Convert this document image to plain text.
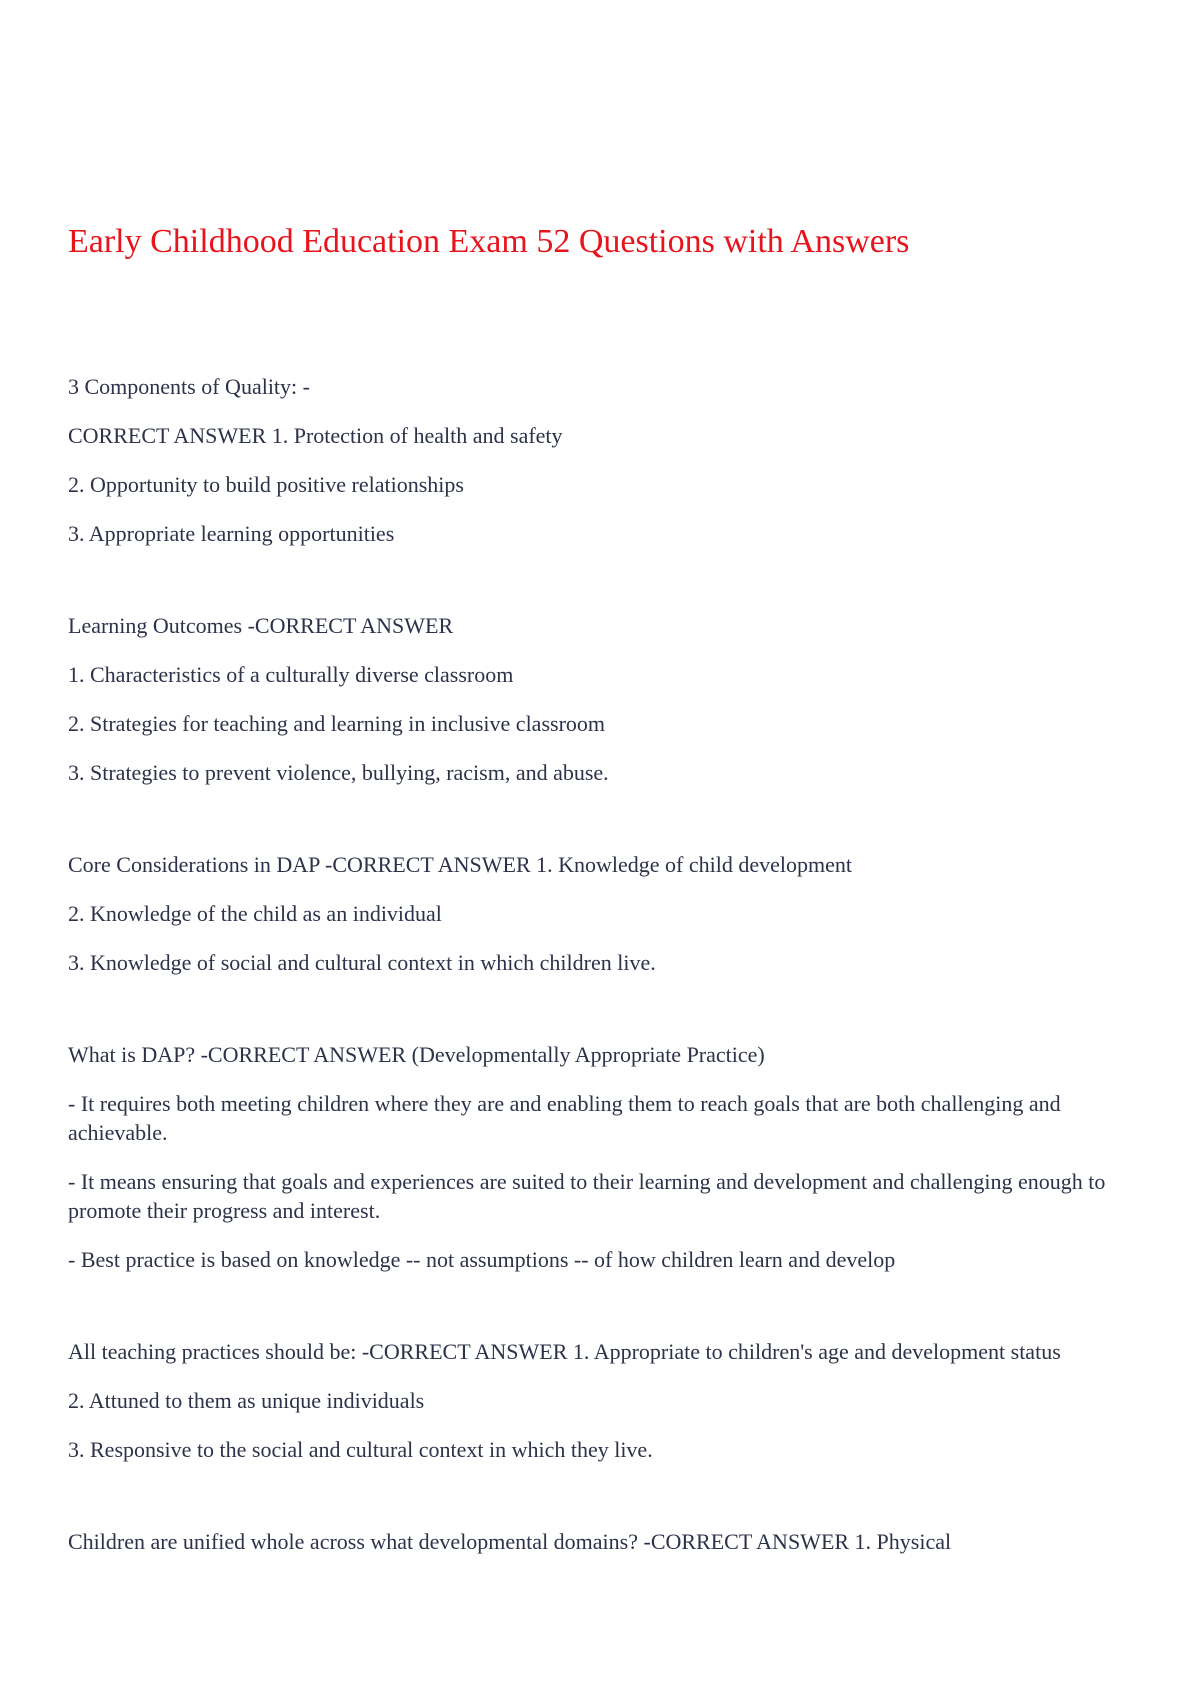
Early Childhood Education Exam 52 Questions with Answers

3 Components of Quality: -

CORRECT ANSWER 1. Protection of health and safety

2. Opportunity to build positive relationships

3. Appropriate learning opportunities

Learning Outcomes -CORRECT ANSWER

1. Characteristics of a culturally diverse classroom

2. Strategies for teaching and learning in inclusive classroom

3. Strategies to prevent violence, bullying, racism, and abuse.

Core Considerations in DAP -CORRECT ANSWER 1. Knowledge of child development

2. Knowledge of the child as an individual

3. Knowledge of social and cultural context in which children live.

What is DAP? -CORRECT ANSWER (Developmentally Appropriate Practice)

- It requires both meeting children where they are and enabling them to reach goals that are both challenging and achievable.

- It means ensuring that goals and experiences are suited to their learning and development and challenging enough to promote their progress and interest.

- Best practice is based on knowledge -- not assumptions -- of how children learn and develop

All teaching practices should be: -CORRECT ANSWER 1. Appropriate to children's age and development status

2. Attuned to them as unique individuals

3. Responsive to the social and cultural context in which they live.

Children are unified whole across what developmental domains? -CORRECT ANSWER 1. Physical
